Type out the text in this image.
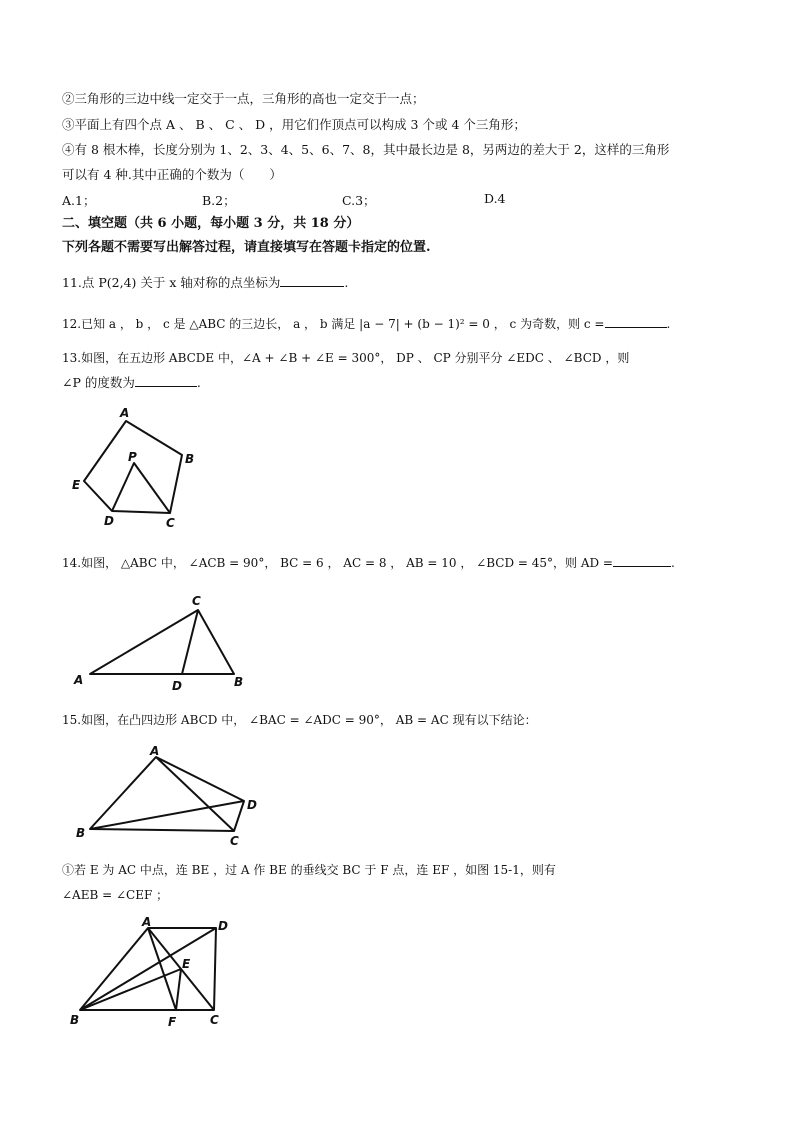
②三角形的三边中线一定交于一点，三角形的高也一定交于一点；
③平面上有四个点 A 、 B 、 C 、 D ，用它们作顶点可以构成 3 个或 4 个三角形；
④有 8 根木棒，长度分别为 1、2、3、4、5、6、7、8，其中最长边是 8，另两边的差大于 2，这样的三角形
可以有 4 种.其中正确的个数为（　　）
A.1；	B.2；	C.3；	D.4
二、填空题（共 6 小题，每小题 3 分，共 18 分）
下列各题不需要写出解答过程，请直接填写在答题卡指定的位置.
11.点 P(2,4) 关于 x 轴对称的点坐标为	.
12.已知 a ， b ， c 是 △ABC 的三边长， a ， b 满足 |a − 7| + (b − 1)² = 0 ， c 为奇数，则 c =	.
13.如图，在五边形 ABCDE 中，∠A + ∠B + ∠E = 300°， DP 、 CP 分别平分 ∠EDC 、 ∠BCD ，则
∠P 的度数为	.
A
B
C
D
E
P
14.如图， △ABC 中， ∠ACB = 90°， BC = 6 ， AC = 8 ， AB = 10 ， ∠BCD = 45°，则 AD =	.
A	B
C
D
15.如图，在凸四边形 ABCD 中， ∠BAC = ∠ADC = 90°， AB = AC 现有以下结论：
A
B
C
D
①若 E 为 AC 中点，连 BE ，过 A 作 BE 的垂线交 BC 于 F 点，连 EF ，如图 15-1，则有
∠AEB = ∠CEF ；
A
B	C
D
E
F
